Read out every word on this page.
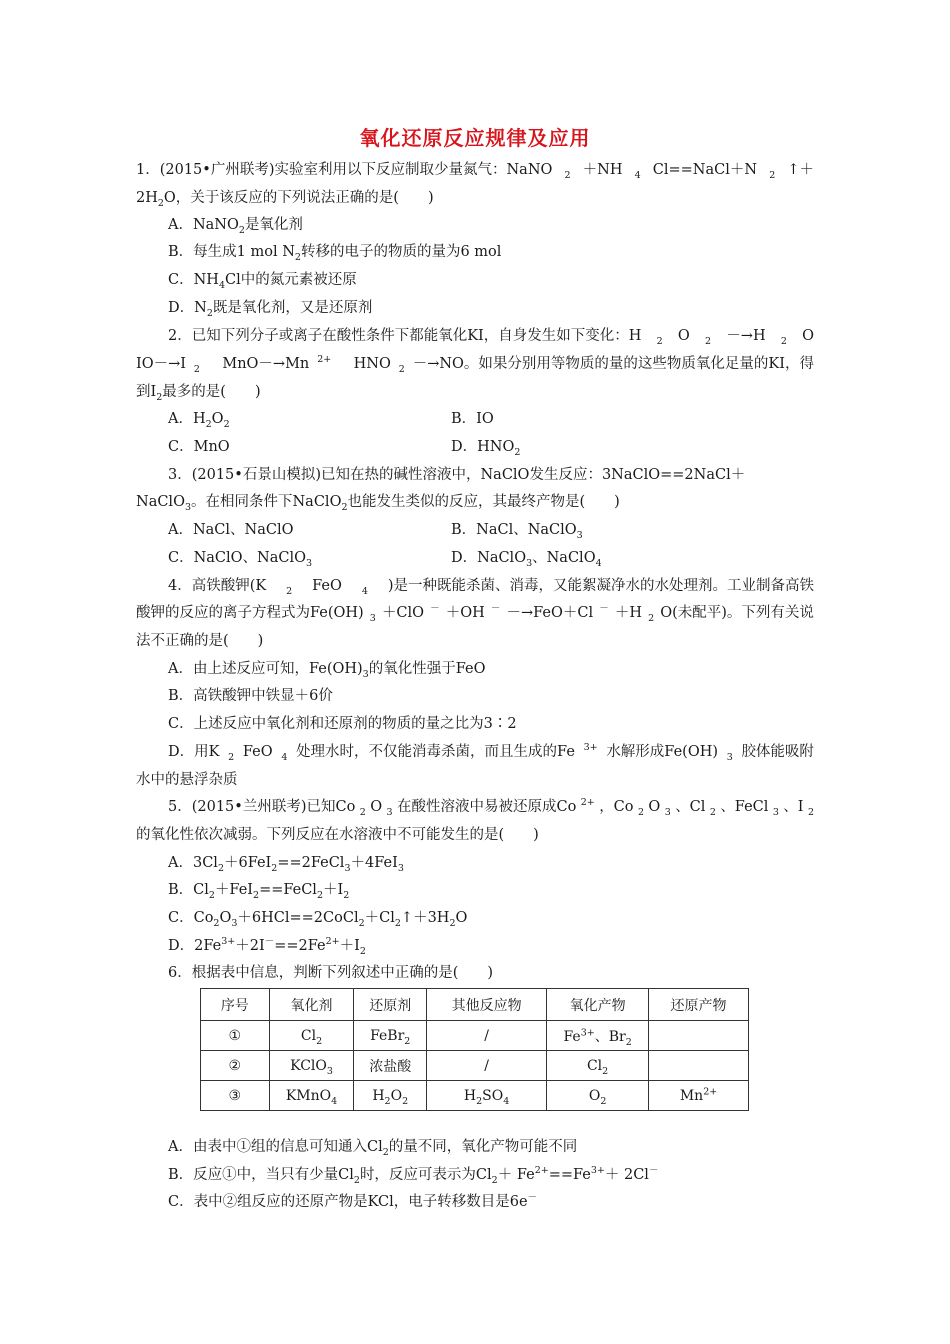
氧化还原反应规律及应用
1．(2015•广州联考)实验室利用以下反应制取少量氮气：NaNO $_2$ ＋NH $_4$ Cl==NaCl＋N $_2$ ↑＋
$2H_2O$，关于该反应的下列说法正确的是(　　)
A．NaNO$_2$是氧化剂
B．每生成1 mol $N_2$转移的电子的物质的量为6 mol
C．$NH_4Cl$中的氮元素被还原
D．$N_2$既是氧化剂，又是还原剂
2．已知下列分子或离子在酸性条件下都能氧化KI，自身发生如下变化：H $_2$ O $_2$ －→H $_2$ O
IO－→I $_2$ 　MnO－→Mn $^{2+}$ 　HNO $_2$ －→NO。如果分别用等物质的量的这些物质氧化足量的KI，得
到$I_2$最多的是(　　)
A．$H_2O_2$	B．IO
C．MnO	D．$HNO_2$
3．(2015•石景山模拟)已知在热的碱性溶液中，NaClO发生反应：3NaClO==2NaCl＋
NaClO$_3$。在相同条件下NaClO$_2$也能发生类似的反应，其最终产物是(　　)
A．NaCl、NaClO	B．NaCl、NaClO$_3$
C．NaClO、NaClO$_3$	D．NaClO$_3$、NaClO$_4$
4．高铁酸钾(K $_2$ FeO $_4$ )是一种既能杀菌、消毒，又能絮凝净水的水处理剂。工业制备高铁
酸钾的反应的离子方程式为Fe(OH) $_3$ ＋ClO － ＋OH － －→FeO＋Cl － ＋H $_2$ O(未配平)。下列有关说
法不正确的是(　　)
A．由上述反应可知，$Fe(OH)_3$的氧化性强于FeO
B．高铁酸钾中铁显＋6价
C．上述反应中氧化剂和还原剂的物质的量之比为3∶2
D．用K $_2$ FeO $_4$ 处理水时，不仅能消毒杀菌，而且生成的Fe $^{3+}$ 水解形成Fe(OH) $_3$ 胶体能吸附
水中的悬浮杂质
5．(2015•兰州联考)已知Co $_2$ O $_3$ 在酸性溶液中易被还原成Co $^{2+}$ ，Co $_2$ O $_3$ 、Cl $_2$ 、FeCl $_3$ 、I $_2$
的氧化性依次减弱。下列反应在水溶液中不可能发生的是(　　)
A．$3Cl_2+6FeI_2==2FeCl_3+4FeI_3$
B．$Cl_2+FeI_2==FeCl_2+I_2$
C．$Co_2O_3+6HCl==2CoCl_2+Cl_2↑+3H_2O$
D．$2Fe^{3+}+2I^-==2Fe^{2+}+I_2$
6．根据表中信息，判断下列叙述中正确的是(　　)
序号	氧化剂	还原剂	其他反应物	氧化产物	还原产物
①	$Cl_2$	FeBr$_2$	/	$Fe^{3+}$、$Br_2$	
②	KClO$_3$	浓盐酸	/	$Cl_2$	
③	KMnO$_4$	$H_2O_2$	$H_2SO_4$	$O_2$	$Mn^{2+}$
A．由表中①组的信息可知通入$Cl_2$的量不同，氧化产物可能不同
B．反应①中，当只有少量$Cl_2$时，反应可表示为$Cl_2+ Fe^{2+}==Fe^{3+}+ 2Cl^-$
C．表中②组反应的还原产物是KCl，电子转移数目是6e－
